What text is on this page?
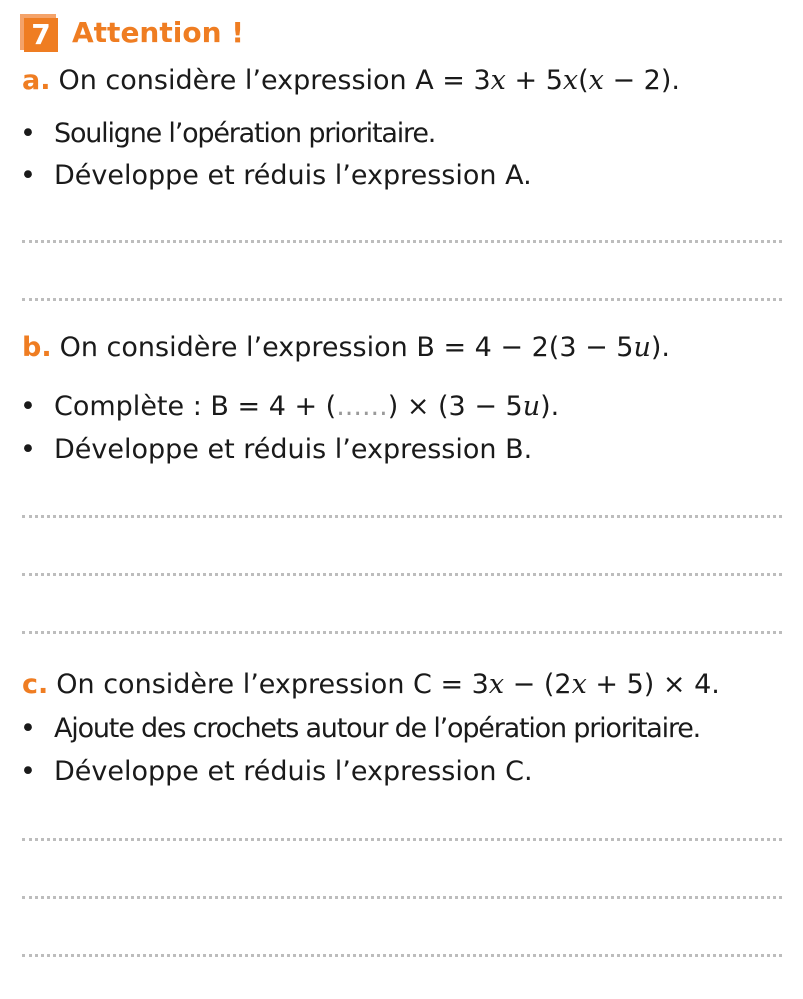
7 Attention !
a. On considère l’expression A = 3x + 5x(x − 2).
• Souligne l’opération prioritaire.
• Développe et réduis l’expression A.
b. On considère l’expression B = 4 − 2(3 − 5u).
• Complète : B = 4 + (......) × (3 − 5u).
• Développe et réduis l’expression B.
c. On considère l’expression C = 3x − (2x + 5) × 4.
• Ajoute des crochets autour de l’opération prioritaire.
• Développe et réduis l’expression C.
